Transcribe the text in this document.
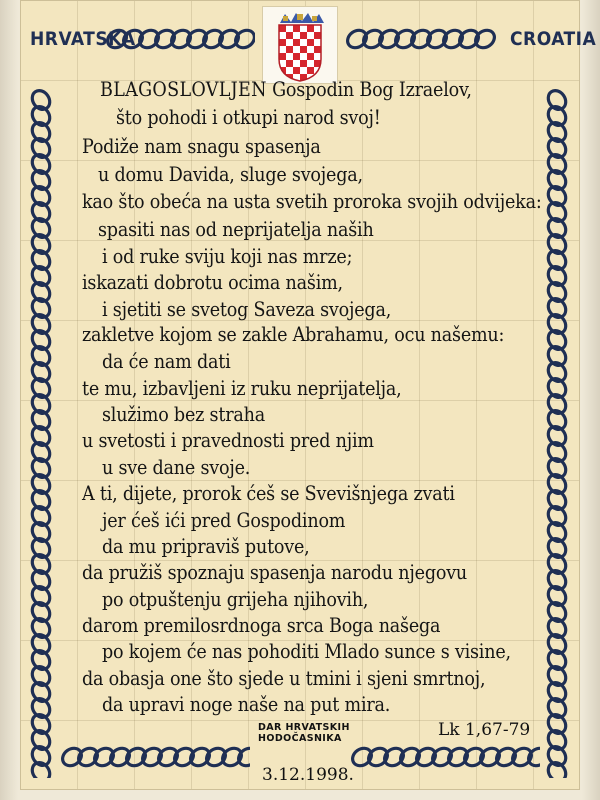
HRVATSKA	CROATIA
BLAGOSLOVLJEN Gospodin Bog Izraelov,
što pohodi i otkupi narod svoj!
Podiže nam snagu spasenja
u domu Davida, sluge svojega,
kao što obeća na usta svetih proroka svojih odvijeka:
spasiti nas od neprijatelja naših
i od ruke sviju koji nas mrze;
iskazati dobrotu ocima našim,
i sjetiti se svetog Saveza svojega,
zakletve kojom se zakle Abrahamu, ocu našemu:
da će nam dati
te mu, izbavljeni iz ruku neprijatelja,
služimo bez straha
u svetosti i pravednosti pred njim
u sve dane svoje.
A ti, dijete, prorok ćeš se Svevišnjega zvati
jer ćeš ići pred Gospodinom
da mu pripraviš putove,
da pružiš spoznaju spasenja narodu njegovu
po otpuštenju grijeha njihovih,
darom premilosrdnoga srca Boga našega
po kojem će nas pohoditi Mlado sunce s visine,
da obasja one što sjede u tmini i sjeni smrtnoj,
da upravi noge naše na put mira.
DAR HRVATSKIH
HODOČASNIKA	Lk 1,67-79
3.12.1998.
